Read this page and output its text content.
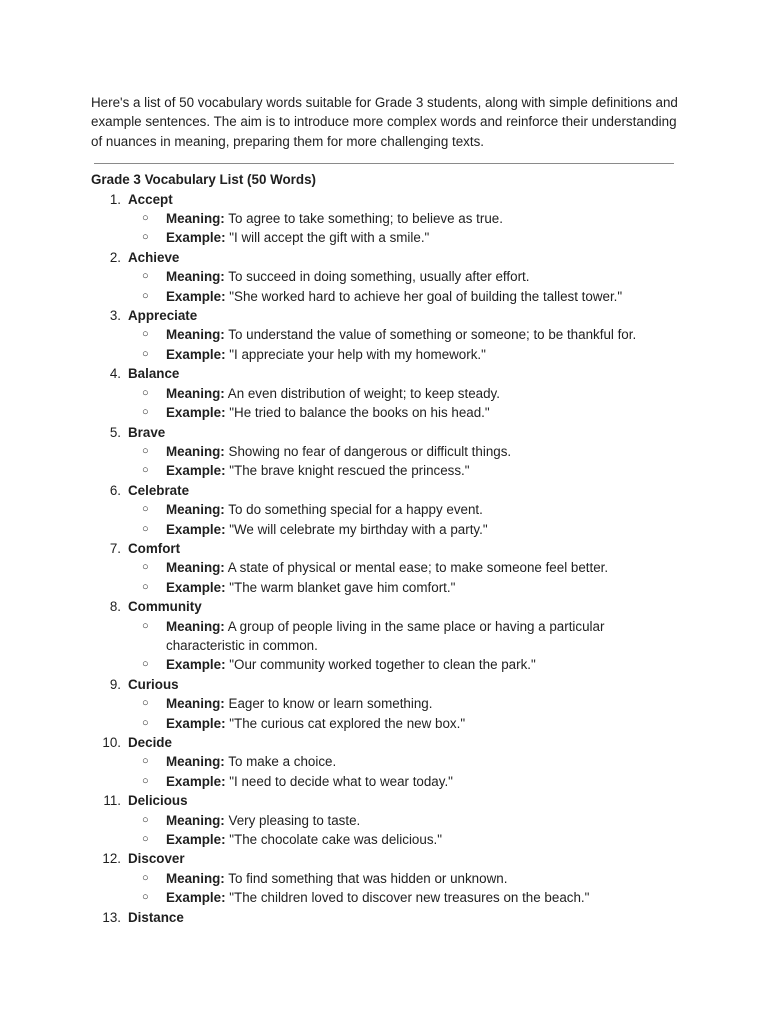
Here's a list of 50 vocabulary words suitable for Grade 3 students, along with simple definitions and example sentences. The aim is to introduce more complex words and reinforce their understanding of nuances in meaning, preparing them for more challenging texts.

Grade 3 Vocabulary List (50 Words)
1. Accept
○ Meaning: To agree to take something; to believe as true.
○ Example: "I will accept the gift with a smile."
2. Achieve
○ Meaning: To succeed in doing something, usually after effort.
○ Example: "She worked hard to achieve her goal of building the tallest tower."
3. Appreciate
○ Meaning: To understand the value of something or someone; to be thankful for.
○ Example: "I appreciate your help with my homework."
4. Balance
○ Meaning: An even distribution of weight; to keep steady.
○ Example: "He tried to balance the books on his head."
5. Brave
○ Meaning: Showing no fear of dangerous or difficult things.
○ Example: "The brave knight rescued the princess."
6. Celebrate
○ Meaning: To do something special for a happy event.
○ Example: "We will celebrate my birthday with a party."
7. Comfort
○ Meaning: A state of physical or mental ease; to make someone feel better.
○ Example: "The warm blanket gave him comfort."
8. Community
○ Meaning: A group of people living in the same place or having a particular characteristic in common.
○ Example: "Our community worked together to clean the park."
9. Curious
○ Meaning: Eager to know or learn something.
○ Example: "The curious cat explored the new box."
10. Decide
○ Meaning: To make a choice.
○ Example: "I need to decide what to wear today."
11. Delicious
○ Meaning: Very pleasing to taste.
○ Example: "The chocolate cake was delicious."
12. Discover
○ Meaning: To find something that was hidden or unknown.
○ Example: "The children loved to discover new treasures on the beach."
13. Distance
